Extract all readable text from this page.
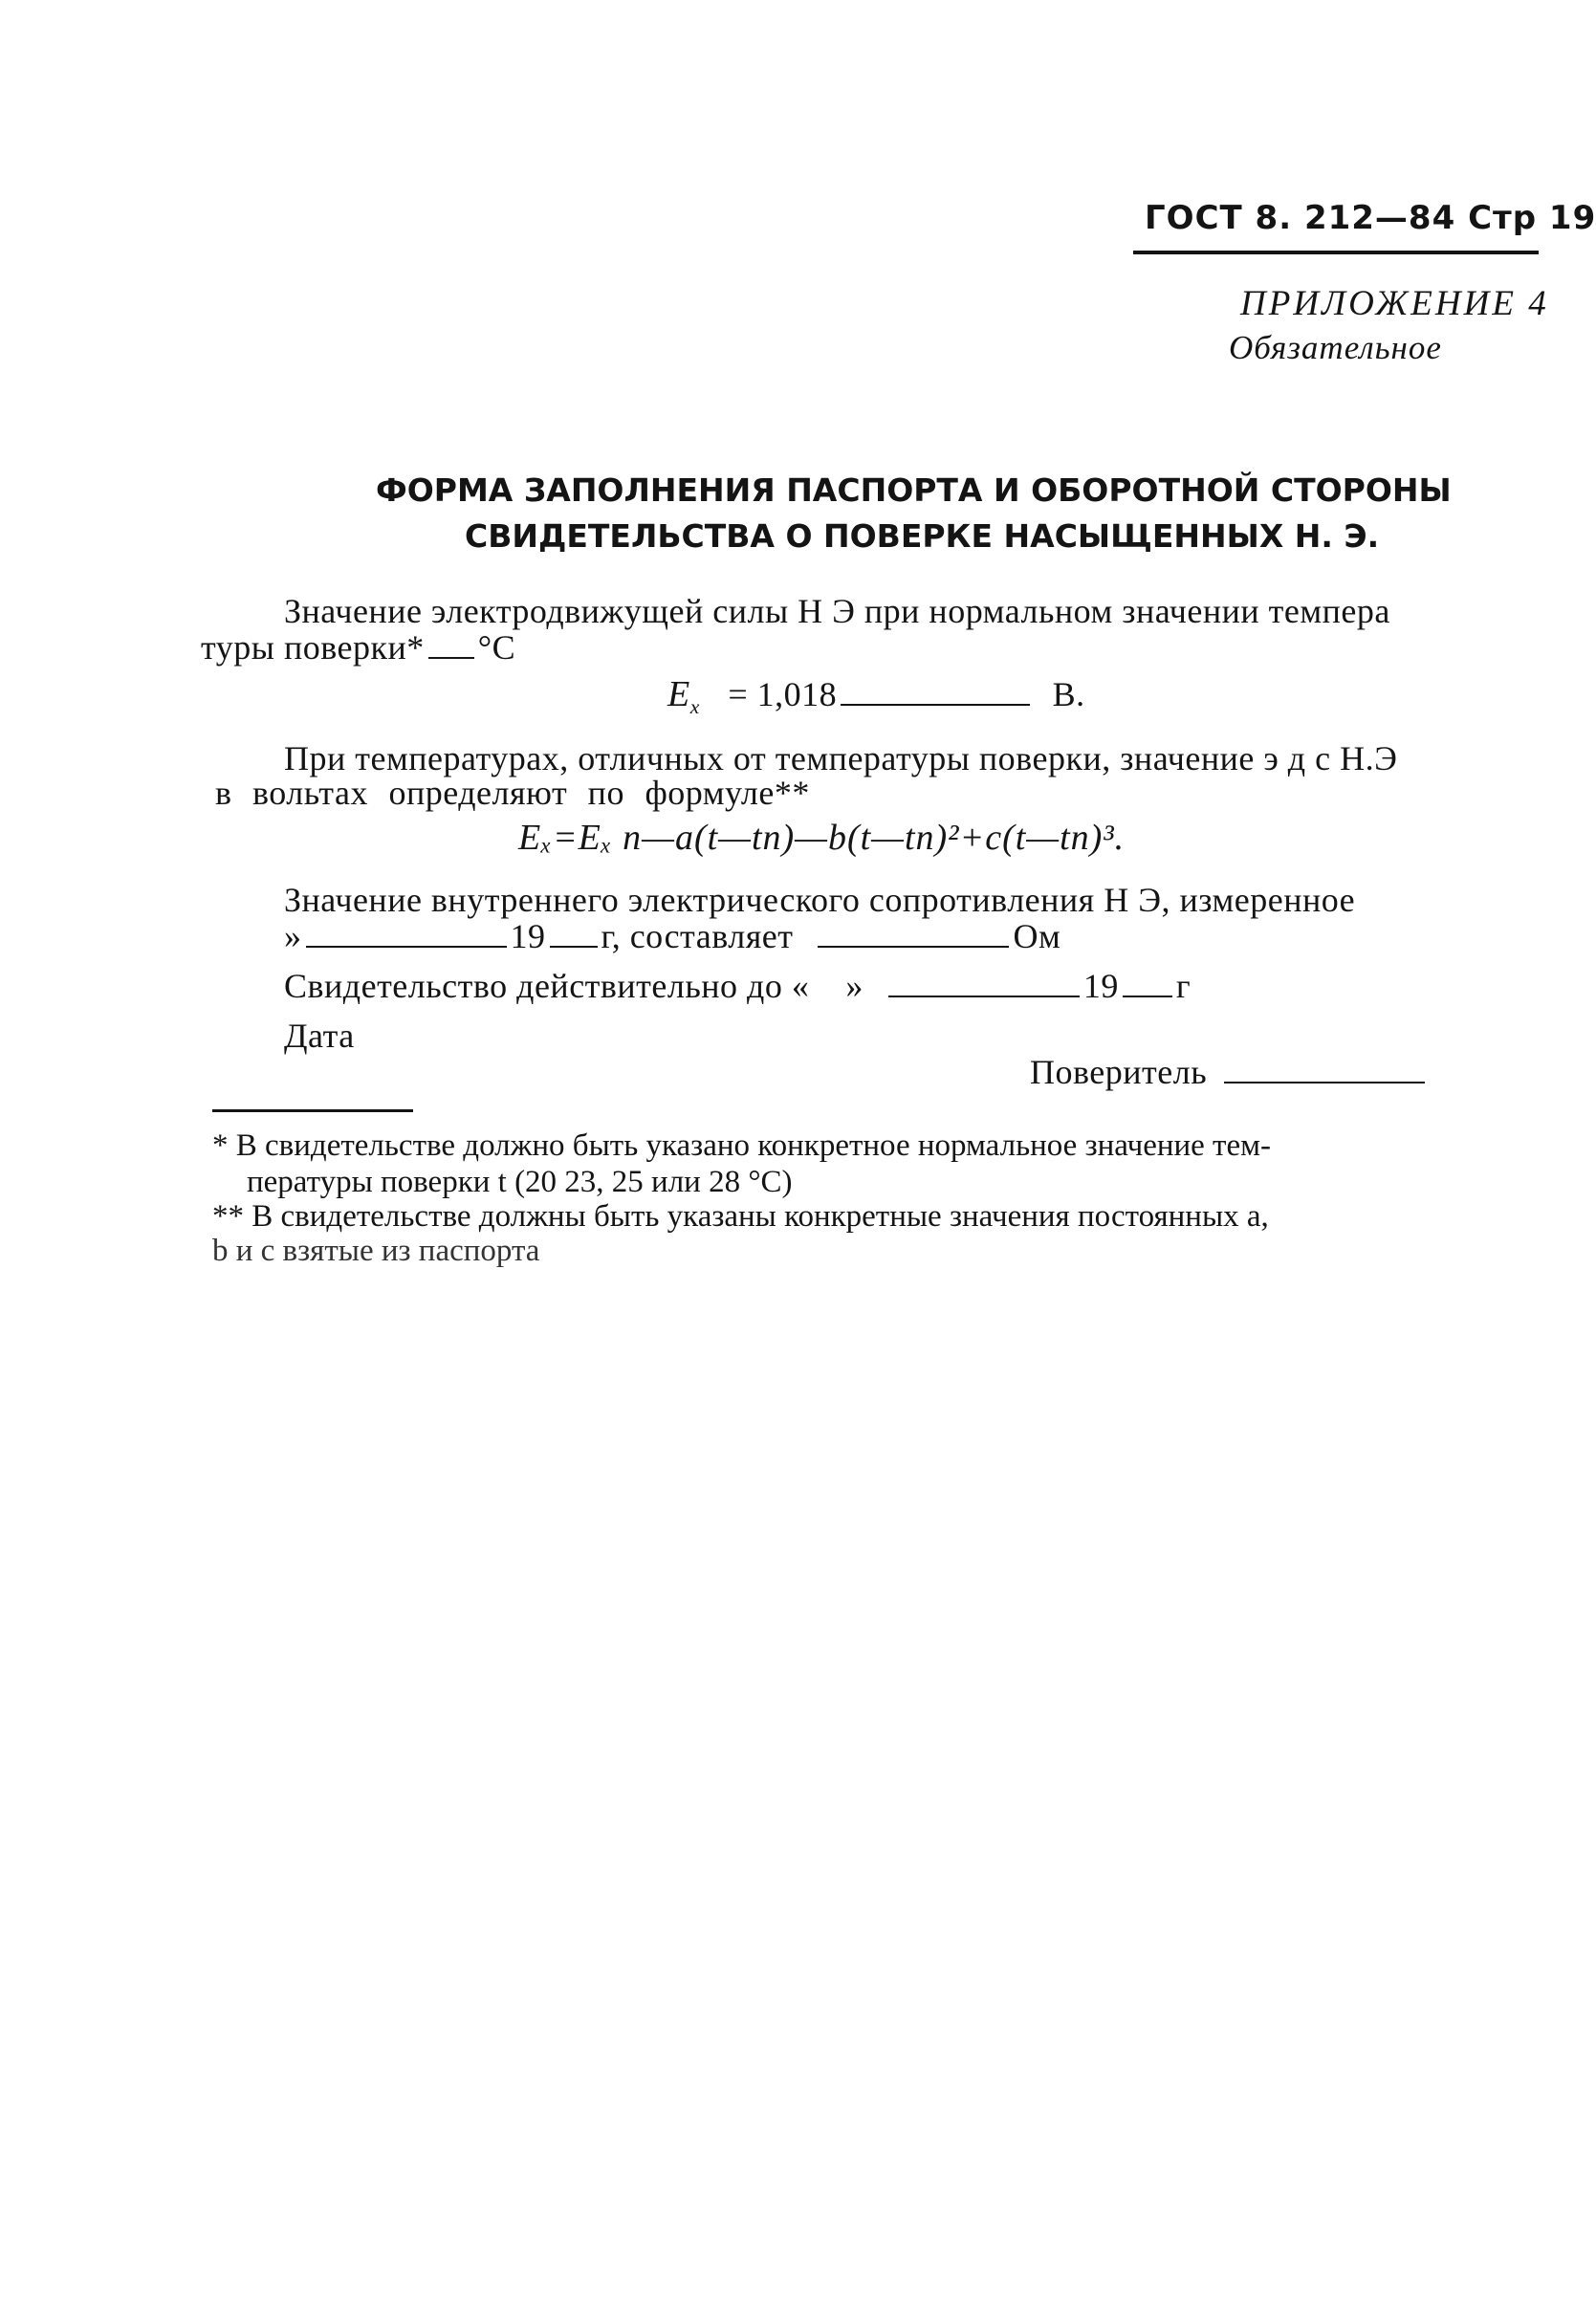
ГОСТ 8. 212—84 Стр 19
ПРИЛОЖЕНИЕ 4
Обязательное
ФОРМА ЗАПОЛНЕНИЯ ПАСПОРТА И ОБОРОТНОЙ СТОРОНЫ
СВИДЕТЕЛЬСТВА О ПОВЕРКЕ НАСЫЩЕННЫХ Н. Э.
Значение электродвижущей силы Н Э при нормальном значении темпера
туры поверки* °С
$E_x = 1,018$	В.
При температурах, отличных от температуры поверки, значение э д с Н.Э
в вольтах определяют по формуле**
Eₓ=Eₓ п—a(t—tп)—b(t—tп)²+c(t—tп)³.
Значение внутреннего электрического сопротивления Н Э, измеренное
»	19 г, составляет	Ом
Свидетельство действительно до « »	19 г
Дата
Поверитель
* В свидетельстве должно быть указано конкретное нормальное значение тем-
пературы поверки t (20 23, 25 или 28 °С)
** В свидетельстве должны быть указаны конкретные значения постоянных a,
b и c взятые из паспорта
